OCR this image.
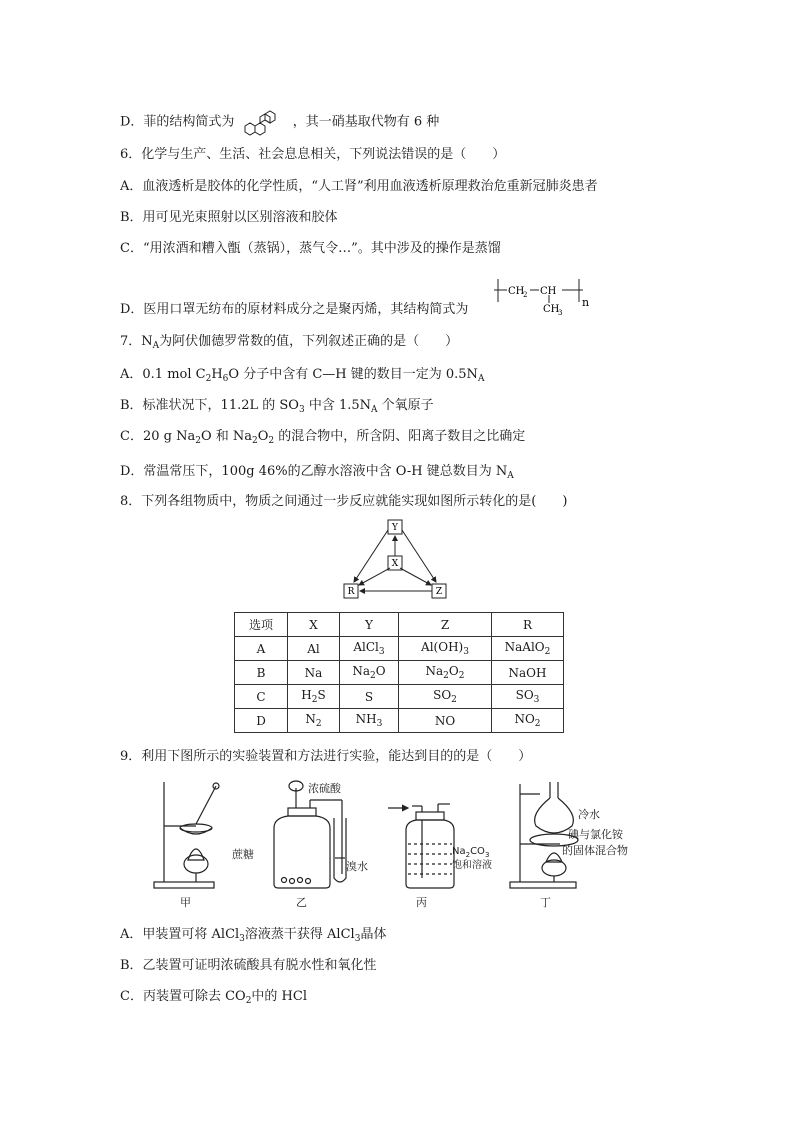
D．菲的结构简式为	，其一硝基取代物有 6 种
6．化学与生产、生活、社会息息相关，下列说法错误的是（　　）
A．血液透析是胶体的化学性质，“人工肾”利用血液透析原理救治危重新冠肺炎患者
B．用可见光束照射以区别溶液和胶体
C．“用浓酒和糟入甑（蒸锅），蒸气令…”。其中涉及的操作是蒸馏
D．医用口罩无纺布的原材料成分之是聚丙烯，其结构简式为
CH
2 CH
CH
3
n
7．$N_A$为阿伏伽德罗常数的值，下列叙述正确的是（　　）
A．0.1 mol $C_2H_6O$ 分子中含有 C—H 键的数目一定为 $0.5N_A$
B．标准状况下，11.2L 的 $SO_3$ 中含 $1.5N_A$ 个氧原子
C．20 g $Na_2O$ 和 $Na_2O_2$ 的混合物中，所含阴、阳离子数目之比确定
D．常温常压下，100g 46%的乙醇水溶液中含 O-H 键总数目为 $N_A$
8．下列各组物质中，物质之间通过一步反应就能实现如图所示转化的是(　　)
Y
X
R	Z
选项	X	Y	Z	R
A	Al	AlCl$_3$	$Al(OH)_3$	NaAlO$_2$
B	Na	$Na_2O$	$Na_2O_2$	NaOH
C	$H_2S$	S	$SO_2$	$SO_3$
D	$N_2$	$NH_3$	NO	$NO_2$
9．利用下图所示的实验装置和方法进行实验，能达到目的的是（　　）
浓硫酸
蔗糖
溴水
$Na_2CO_3$
饱和溶液
冷水
碘与氯化铵
的固体混合物
甲	乙	丙	丁
A．甲装置可将 AlCl$_3$溶液蒸干获得 AlCl$_3$晶体
B．乙装置可证明浓硫酸具有脱水性和氧化性
C．丙装置可除去 $CO_2$中的 HCl
